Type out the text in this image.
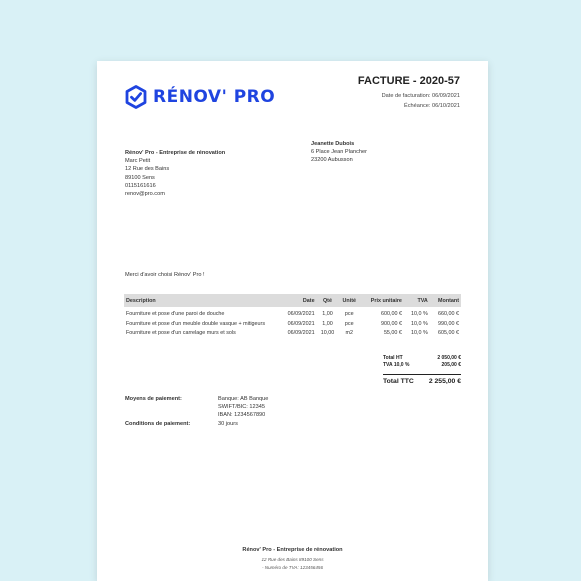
RÉNOV' PRO
FACTURE - 2020-57
Date de facturation: 06/09/2021
Échéance: 06/10/2021
Jeanette Dubois
6 Place Jean Plancher
23200 Aubusson
Rénov' Pro - Entreprise de rénovation
Marc Petit
12 Rue des Bains
89100 Sens
0115161616
renov@pro.com
Merci d'avoir choisi Rénov' Pro !
Description	Date	Qté	Unité	Prix unitaire	TVA	Montant
Fourniture et pose d'une paroi de douche	06/09/2021	1,00	pce	600,00 €	10,0 %	660,00 €
Fourniture et pose d'un meuble double vasque + mitigeurs	06/09/2021	1,00	pce	900,00 €	10,0 %	990,00 €
Fourniture et pose d'un carrelage murs et sols	06/09/2021	10,00	m2	55,00 €	10,0 %	605,00 €
Total HT	2 050,00 €
TVA 10,0 %	205,00 €
Total TTC 2 255,00 €
Moyens de paiement:	Banque: AB Banque
SWIFT/BIC: 12345
IBAN: 1234567890
Conditions de paiement:	30 jours
Rénov' Pro - Entreprise de rénovation
12 Rue des Bains 89100 Sens
- Numéro de TVA: 123456456
